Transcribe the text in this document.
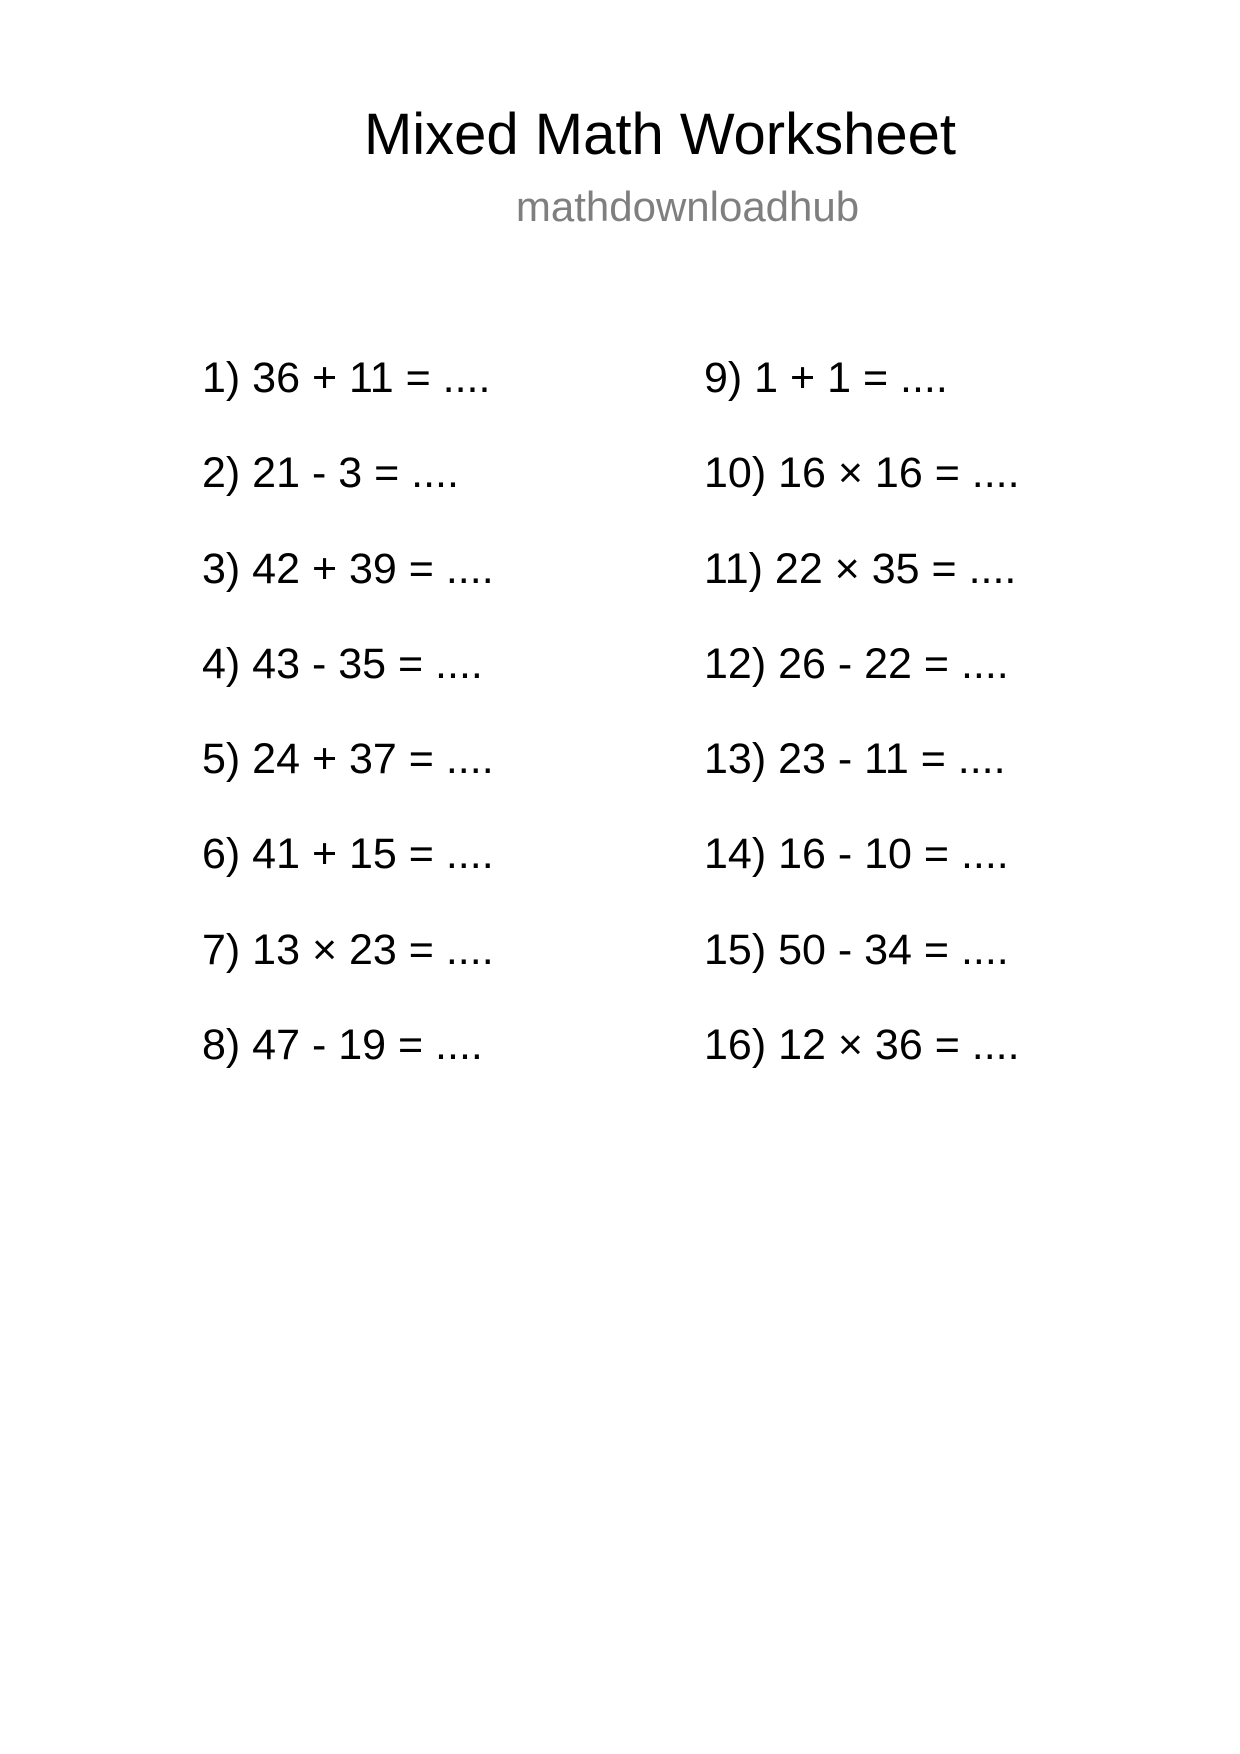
Mixed Math Worksheet
mathdownloadhub
1) 36 + 11 = ....
2) 21 - 3 = ....
3) 42 + 39 = ....
4) 43 - 35 = ....
5) 24 + 37 = ....
6) 41 + 15 = ....
7) 13 × 23 = ....
8) 47 - 19 = ....
9) 1 + 1 = ....
10) 16 × 16 = ....
11) 22 × 35 = ....
12) 26 - 22 = ....
13) 23 - 11 = ....
14) 16 - 10 = ....
15) 50 - 34 = ....
16) 12 × 36 = ....
